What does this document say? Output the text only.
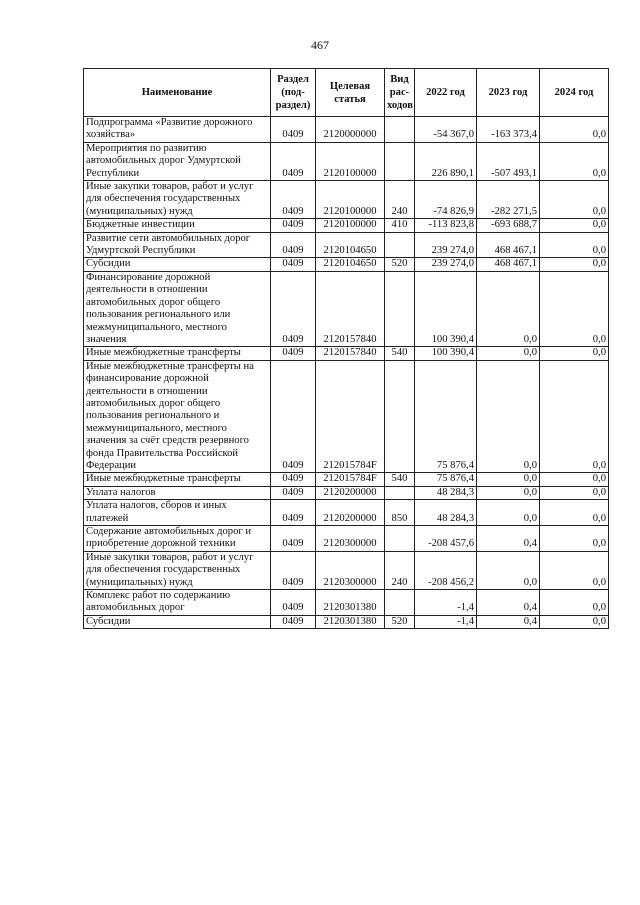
467
Наименование	Раздел (под-раздел)	Целевая статья	Вид рас-ходов	2022 год	2023 год	2024 год
Подпрограмма «Развитие дорожного хозяйства»	0409	2120000000		-54 367,0	-163 373,4	0,0
Мероприятия по развитию автомобильных дорог Удмуртской Республики	0409	2120100000		226 890,1	-507 493,1	0,0
Иные закупки товаров, работ и услуг для обеспечения государственных (муниципальных) нужд	0409	2120100000	240	-74 826,9	-282 271,5	0,0
Бюджетные инвестиции	0409	2120100000	410	-113 823,8	-693 688,7	0,0
Развитие сети автомобильных дорог Удмуртской Республики	0409	2120104650		239 274,0	468 467,1	0,0
Субсидии	0409	2120104650	520	239 274,0	468 467,1	0,0
Финансирование дорожной деятельности в отношении автомобильных дорог общего пользования регионального или межмуниципального, местного значения	0409	2120157840		100 390,4	0,0	0,0
Иные межбюджетные трансферты	0409	2120157840	540	100 390,4	0,0	0,0
Иные межбюджетные трансферты на финансирование дорожной деятельности в отношении автомобильных дорог общего пользования регионального и межмуниципального, местного значения за счёт средств резервного фонда Правительства Российской Федерации	0409	212015784F		75 876,4	0,0	0,0
Иные межбюджетные трансферты	0409	212015784F	540	75 876,4	0,0	0,0
Уплата налогов	0409	2120200000		48 284,3	0,0	0,0
Уплата налогов, сборов и иных платежей	0409	2120200000	850	48 284,3	0,0	0,0
Содержание автомобильных дорог и приобретение дорожной техники	0409	2120300000		-208 457,6	0,4	0,0
Иные закупки товаров, работ и услуг для обеспечения государственных (муниципальных) нужд	0409	2120300000	240	-208 456,2	0,0	0,0
Комплекс работ по содержанию автомобильных дорог	0409	2120301380		-1,4	0,4	0,0
Субсидии	0409	2120301380	520	-1,4	0,4	0,0
